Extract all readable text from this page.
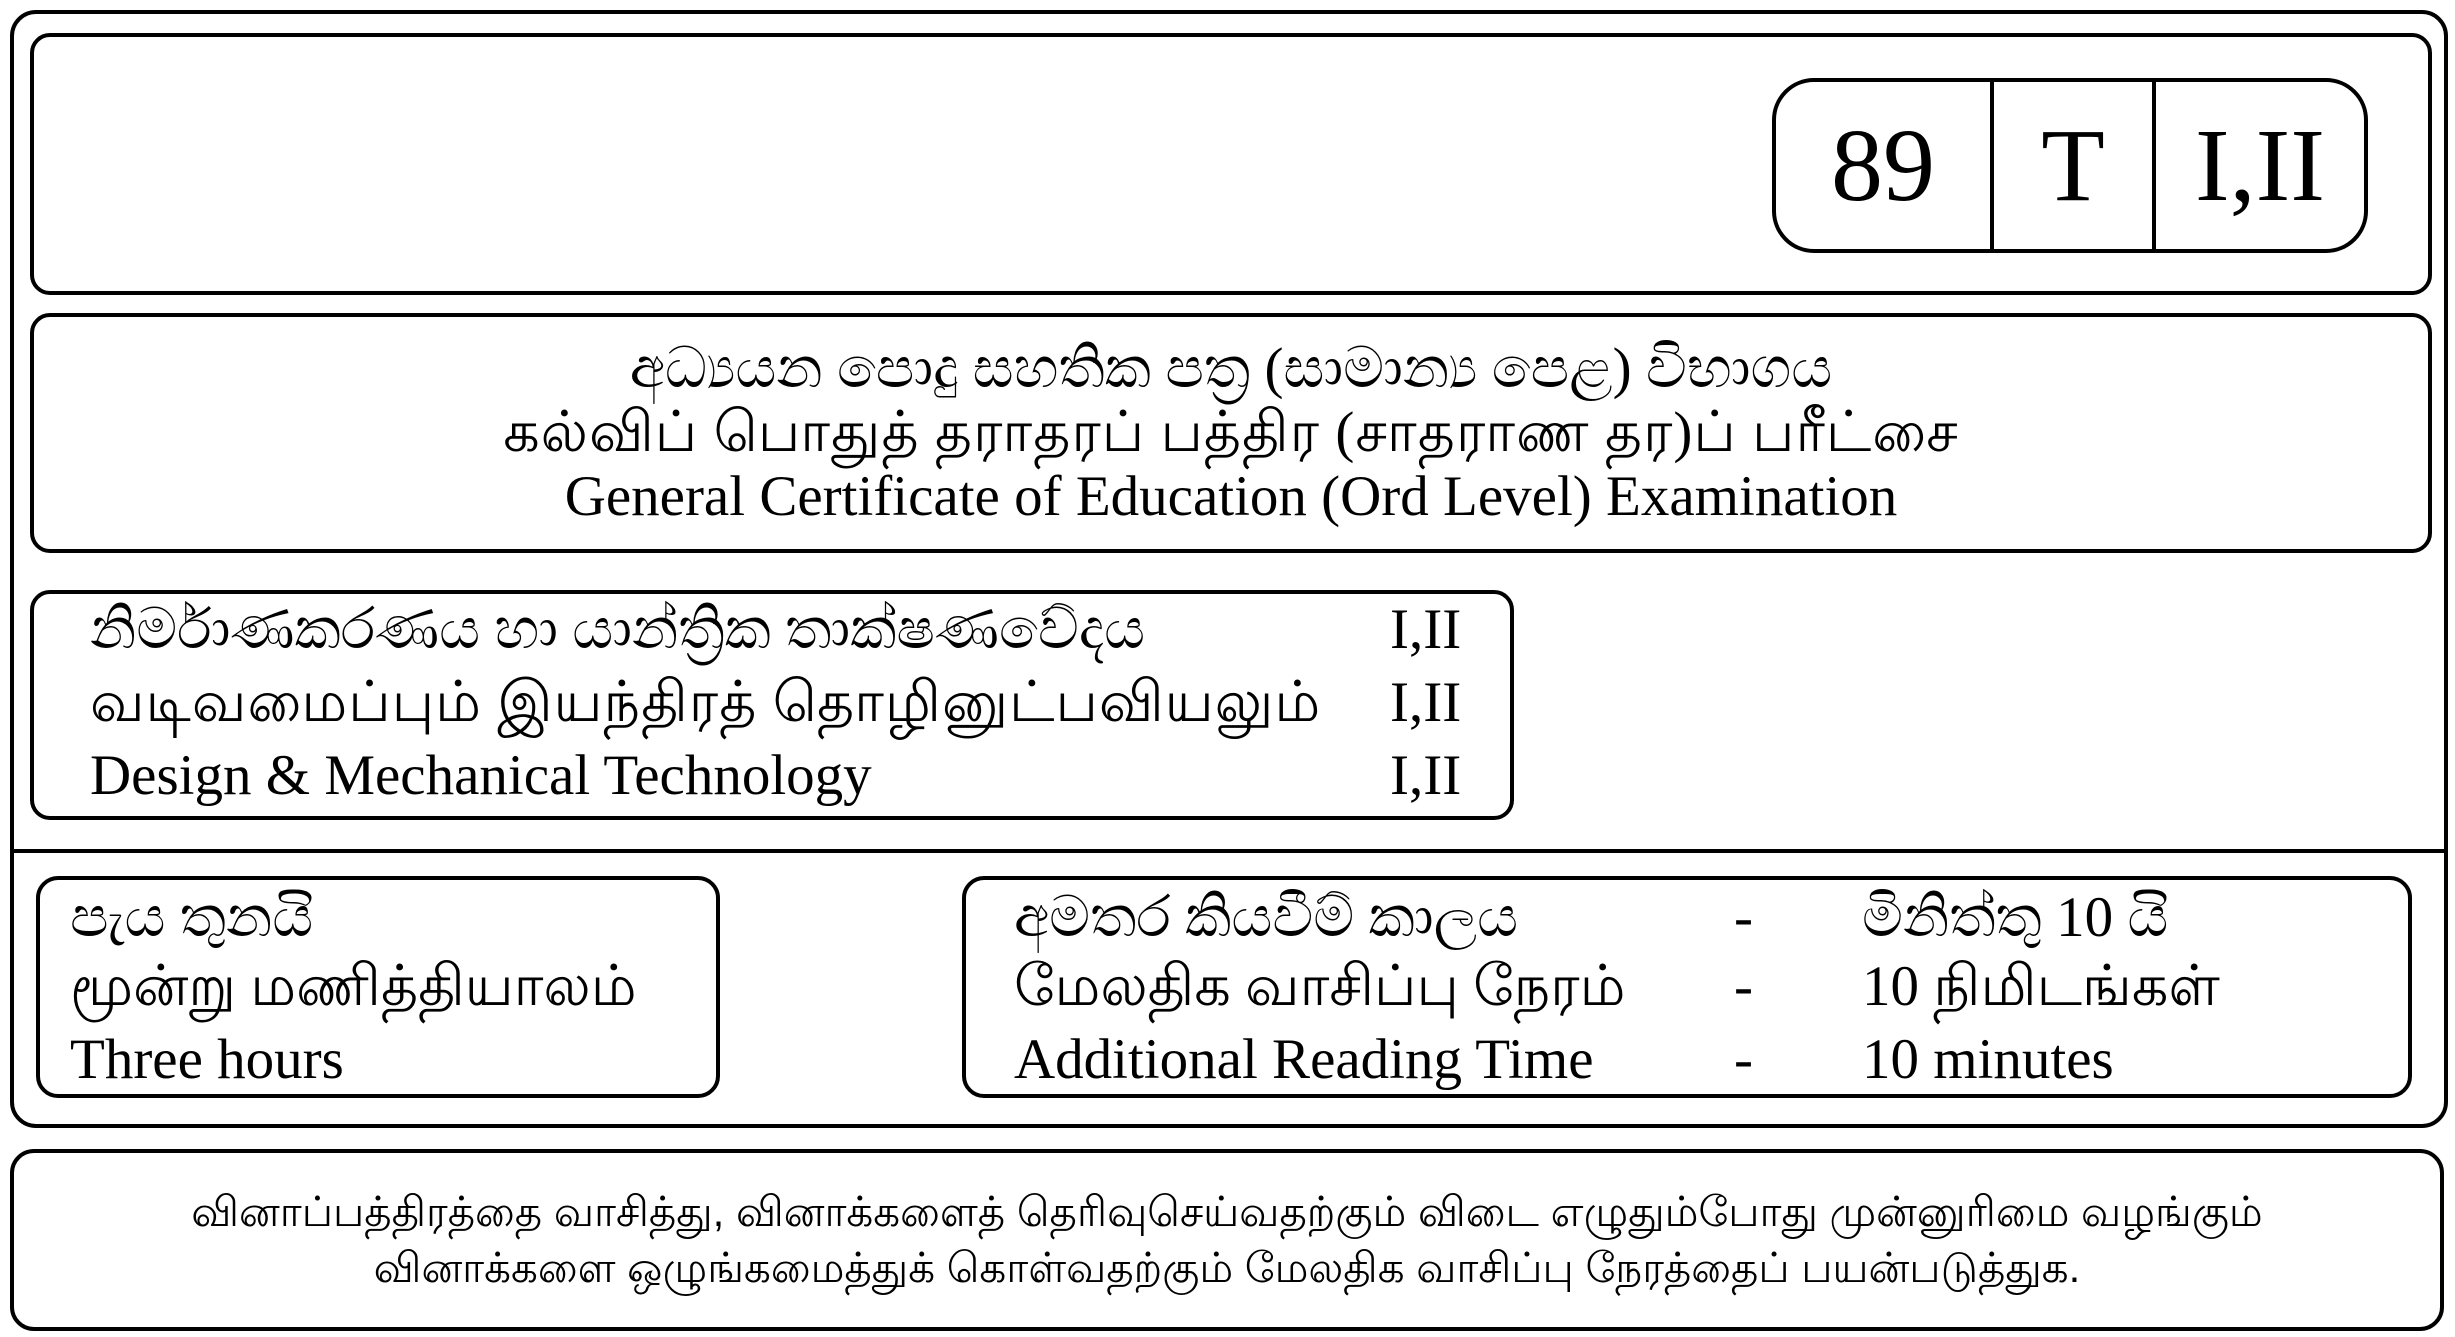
89	T I,II
අධ්‍යයන පොදු සහතික පත්‍ර (සාමාන්‍ය පෙළ) විභාගය
கல்விப் பொதுத் தராதரப் பத்திர (சாதராண தர)ப் பரீட்சை
General Certificate of Education (Ord Level) Examination
නිර්මාණකරණය හා යාන්ත්‍රික තාක්ෂණවේදය	I,II
வடிவமைப்பும் இயந்திரத் தொழினுட்பவியலும் I,II
Design & Mechanical Technology	I,II
පැය තුනයි
மூன்று மணித்தியாலம்
Three hours
අමතර කියවීම් කාලය	- මිනිත්තු 10 යි
மேலதிக வாசிப்பு நேரம் - 10 நிமிடங்கள்
Additional Reading Time - 10 minutes
வினாப்பத்திரத்தை வாசித்து, வினாக்களைத் தெரிவுசெய்வதற்கும் விடை எழுதும்போது முன்னுரிமை வழங்கும்
வினாக்களை ஒழுங்கமைத்துக் கொள்வதற்கும் மேலதிக வாசிப்பு நேரத்தைப் பயன்படுத்துக.
